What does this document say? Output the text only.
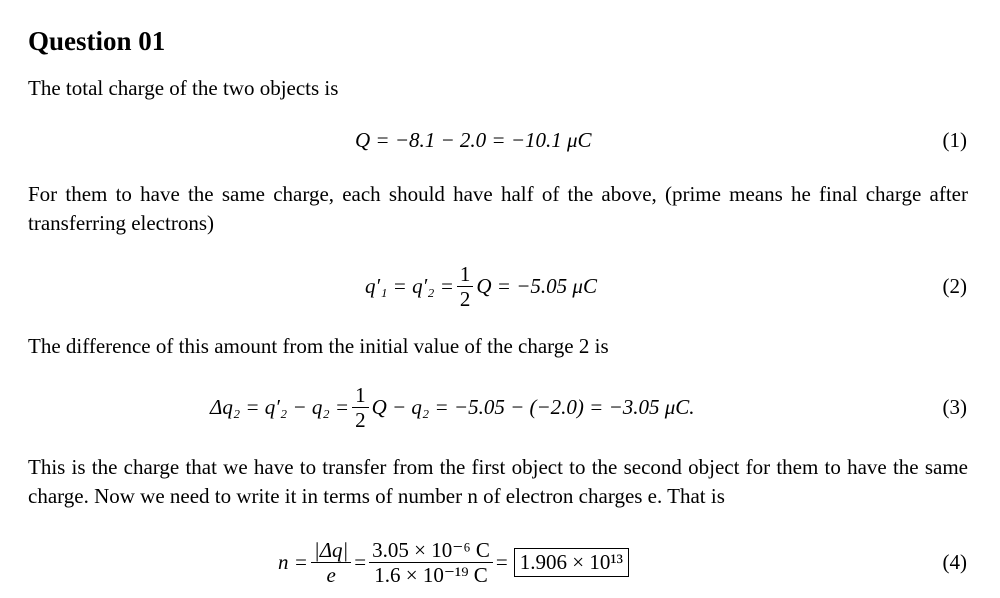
Question 01
The total charge of the two objects is
Q = −8.1 − 2.0 = −10.1 μC	(1)
For them to have the same charge, each should have half of the above, (prime means he final charge after transferring electrons)
$q'_1 = q'_2 = \frac{1}{2}$ Q = −5.05 μC	(2)
The difference of this amount from the initial value of the charge 2 is
$\Delta q_2 = q'_2 - q_2 = \frac{1}{2}$ Q − q₂ = −5.05 − (−2.0) = −3.05 μC.	(3)
This is the charge that we have to transfer from the first object to the second object for them to have the same charge. Now we need to write it in terms of number n of electron charges e. That is
$n = \frac{|\Delta q|}{e} = \frac{\text{3.05 × 10⁻⁶ C}}{\text{1.6 × 10⁻¹⁹ C}} = 1.906 \times 10^{13}$	(4)
